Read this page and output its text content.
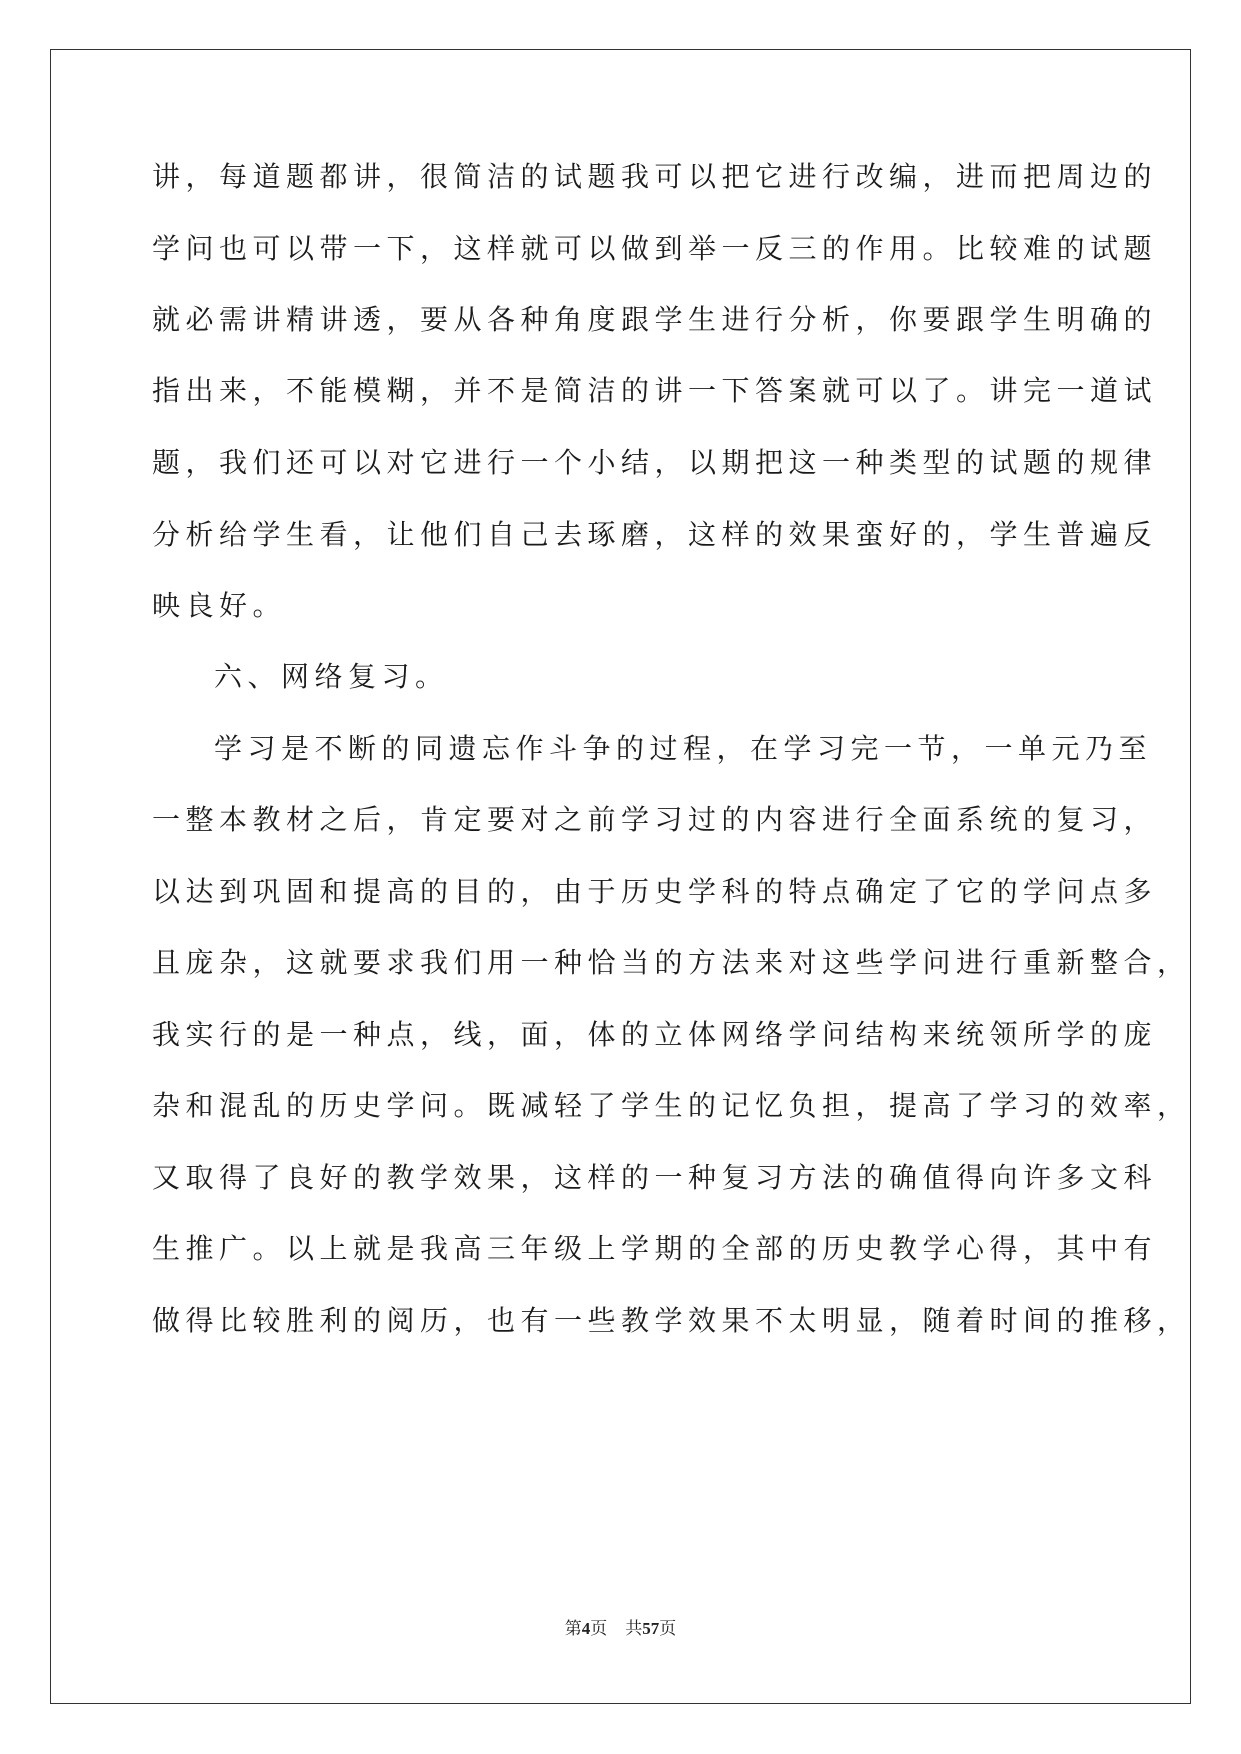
讲，每道题都讲，很简洁的试题我可以把它进行改编，进而把周边的
学问也可以带一下，这样就可以做到举一反三的作用。比较难的试题
就必需讲精讲透，要从各种角度跟学生进行分析，你要跟学生明确的
指出来，不能模糊，并不是简洁的讲一下答案就可以了。讲完一道试
题，我们还可以对它进行一个小结，以期把这一种类型的试题的规律
分析给学生看，让他们自己去琢磨，这样的效果蛮好的，学生普遍反
映良好。
六、网络复习。
学习是不断的同遗忘作斗争的过程，在学习完一节，一单元乃至
一整本教材之后，肯定要对之前学习过的内容进行全面系统的复习，
以达到巩固和提高的目的，由于历史学科的特点确定了它的学问点多
且庞杂，这就要求我们用一种恰当的方法来对这些学问进行重新整合，
我实行的是一种点，线，面，体的立体网络学问结构来统领所学的庞
杂和混乱的历史学问。既减轻了学生的记忆负担，提高了学习的效率，
又取得了良好的教学效果，这样的一种复习方法的确值得向许多文科
生推广。以上就是我高三年级上学期的全部的历史教学心得，其中有
做得比较胜利的阅历，也有一些教学效果不太明显，随着时间的推移，
第4页 共57页
